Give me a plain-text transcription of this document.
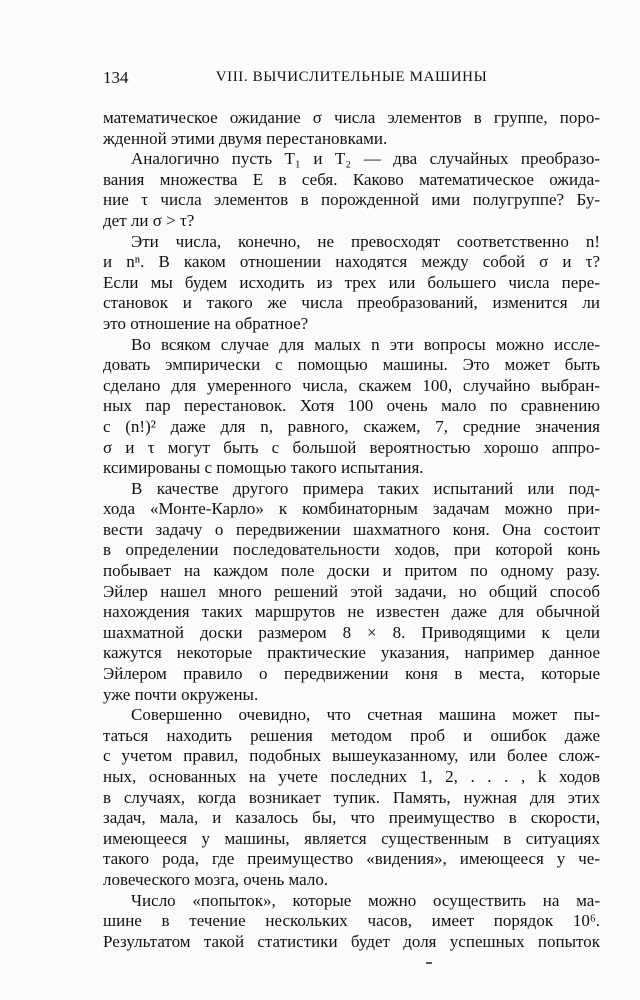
134	VIII. ВЫЧИСЛИТЕЛЬНЫЕ МАШИНЫ
математическое ожидание σ числа элементов в группе, поро-
жденной этими двумя перестановками.
Аналогично пусть T₁ и T₂ — два случайных преобразо-
вания множества E в себя. Каково математическое ожида-
ние τ числа элементов в порожденной ими полугруппе? Бу-
дет ли σ > τ?
Эти числа, конечно, не превосходят соответственно n!
и nⁿ. В каком отношении находятся между собой σ и τ?
Если мы будем исходить из трех или большего числа пере-
становок и такого же числа преобразований, изменится ли
это отношение на обратное?
Во всяком случае для малых n эти вопросы можно иссле-
довать эмпирически с помощью машины. Это может быть
сделано для умеренного числа, скажем 100, случайно выбран-
ных пар перестановок. Хотя 100 очень мало по сравнению
с (n!)² даже для n, равного, скажем, 7, средние значения
σ и τ могут быть с большой вероятностью хорошо аппро-
ксимированы с помощью такого испытания.
В качестве другого примера таких испытаний или под-
хода «Монте-Карло» к комбинаторным задачам можно при-
вести задачу о передвижении шахматного коня. Она состоит
в определении последовательности ходов, при которой конь
побывает на каждом поле доски и притом по одному разу.
Эйлер нашел много решений этой задачи, но общий способ
нахождения таких маршрутов не известен даже для обычной
шахматной доски размером 8 × 8. Приводящими к цели
кажутся некоторые практические указания, например данное
Эйлером правило о передвижении коня в места, которые
уже почти окружены.
Совершенно очевидно, что счетная машина может пы-
таться находить решения методом проб и ошибок даже
с учетом правил, подобных вышеуказанному, или более слож-
ных, основанных на учете последних 1, 2, . . . , k ходов
в случаях, когда возникает тупик. Память, нужная для этих
задач, мала, и казалось бы, что преимущество в скорости,
имеющееся у машины, является существенным в ситуациях
такого рода, где преимущество «видения», имеющееся у че-
ловеческого мозга, очень мало.
Число «попыток», которые можно осуществить на ма-
шине в течение нескольких часов, имеет порядок 10⁶.
Результатом такой статистики будет доля успешных попыток
